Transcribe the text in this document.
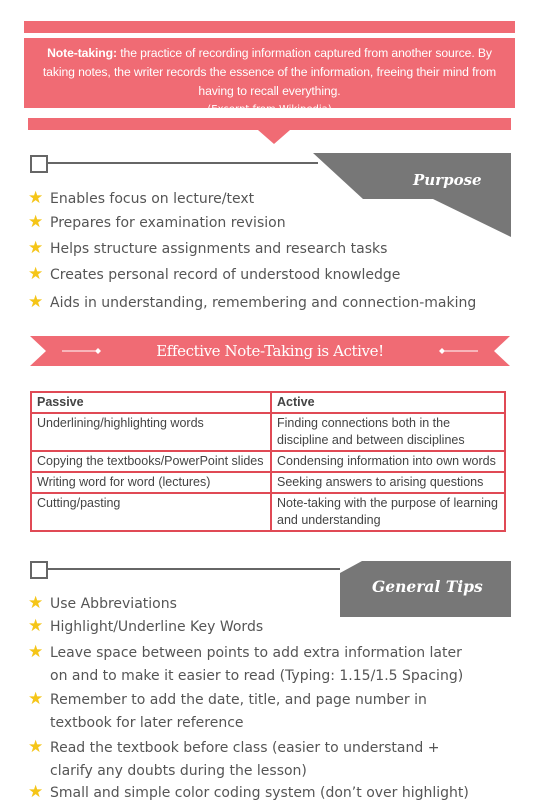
Note-taking: the practice of recording information captured from another source. By taking notes, the writer records the essence of the information, freeing their mind from having to recall everything.
(Excerpt from Wikipedia)
Purpose
★ Enables focus on lecture/text
★ Prepares for examination revision
★ Helps structure assignments and research tasks
★ Creates personal record of understood knowledge
★ Aids in understanding, remembering and connection-making
Effective Note-Taking is Active!
Passive	Active
Underlining/highlighting words	Finding connections both in the discipline and between disciplines
Copying the textbooks/PowerPoint slides	Condensing information into own words
Writing word for word (lectures)	Seeking answers to arising questions
Cutting/pasting	Note-taking with the purpose of learning and understanding
General Tips
★ Use Abbreviations
★ Highlight/Underline Key Words
★ Leave space between points to add extra information later
on and to make it easier to read (Typing: 1.15/1.5 Spacing)
★ Remember to add the date, title, and page number in
textbook for later reference
★ Read the textbook before class (easier to understand +
clarify any doubts during the lesson)
★ Small and simple color coding system (don’t over highlight)
